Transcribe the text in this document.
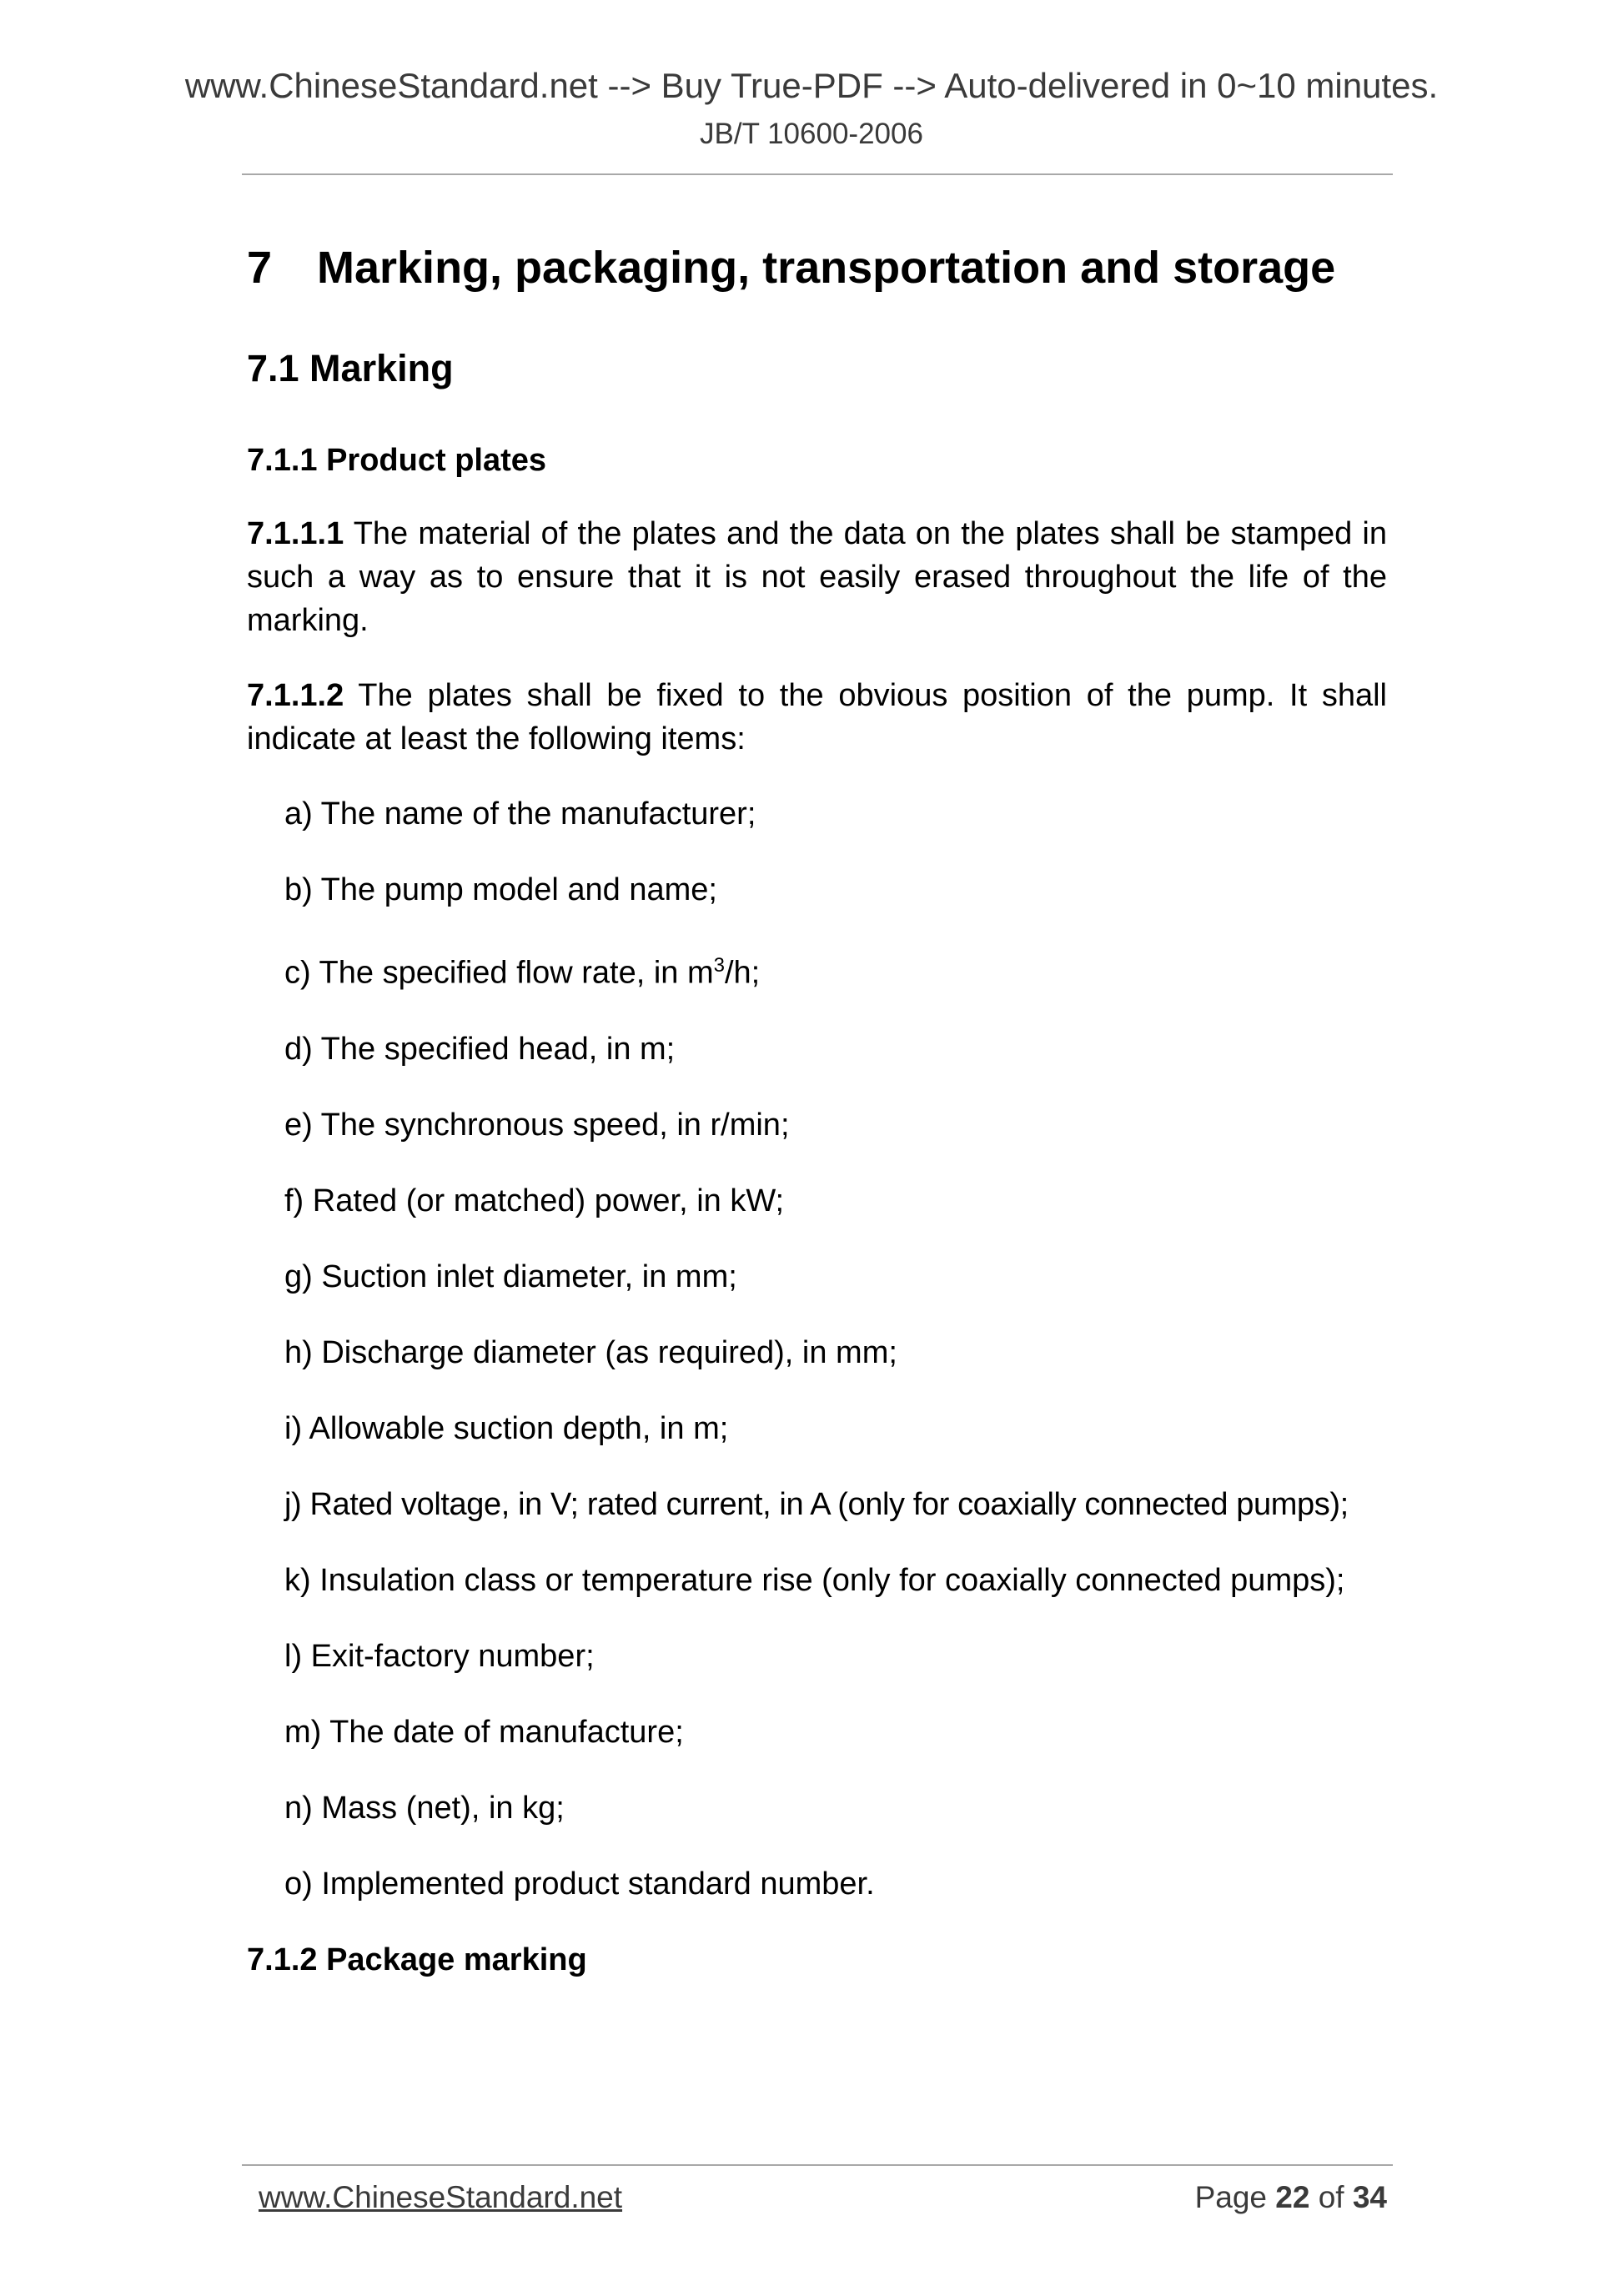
www.ChineseStandard.net --> Buy True-PDF --> Auto-delivered in 0~10 minutes.
JB/T 10600-2006
7 Marking, packaging, transportation and storage
7.1 Marking
7.1.1 Product plates

7.1.1.1 The material of the plates and the data on the plates shall be stamped in such a way as to ensure that it is not easily erased throughout the life of the marking.

7.1.1.2 The plates shall be fixed to the obvious position of the pump. It shall indicate at least the following items:

a) The name of the manufacturer;
b) The pump model and name;
c) The specified flow rate, in $m^3/h$;
d) The specified head, in m;
e) The synchronous speed, in r/min;
f) Rated (or matched) power, in kW;
g) Suction inlet diameter, in mm;
h) Discharge diameter (as required), in mm;
i) Allowable suction depth, in m;
j) Rated voltage, in V; rated current, in A (only for coaxially connected pumps);
k) Insulation class or temperature rise (only for coaxially connected pumps);
l) Exit-factory number;
m) The date of manufacture;
n) Mass (net), in kg;
o) Implemented product standard number.
7.1.2 Package marking
www.ChineseStandard.net	Page 22 of 34
